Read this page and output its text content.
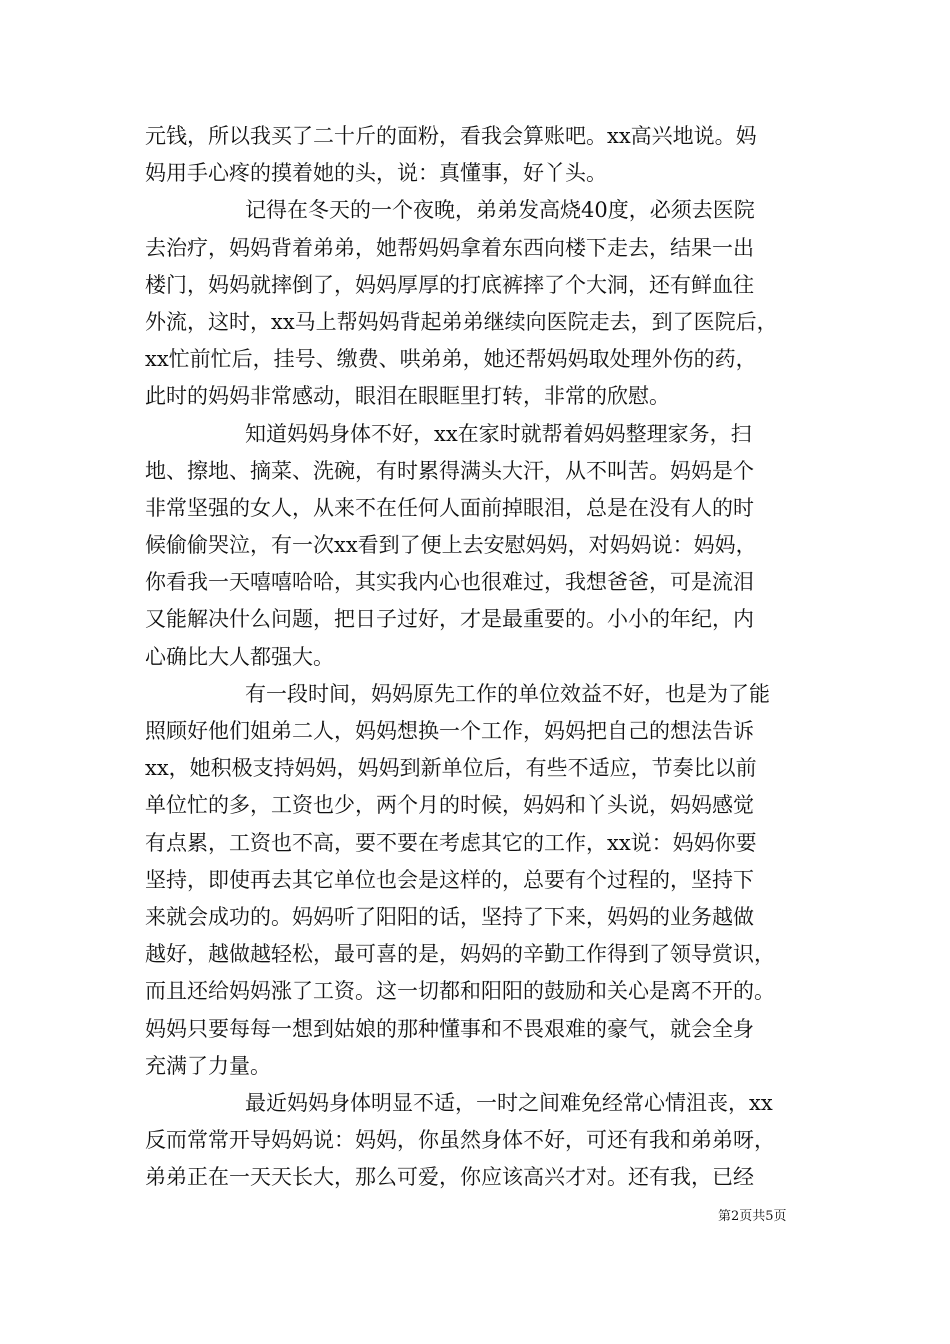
元钱，所以我买了二十斤的面粉，看我会算账吧。xx高兴地说。妈
妈用手心疼的摸着她的头，说：真懂事，好丫头。
记得在冬天的一个夜晚，弟弟发高烧40度，必须去医院
去治疗，妈妈背着弟弟，她帮妈妈拿着东西向楼下走去，结果一出
楼门，妈妈就摔倒了，妈妈厚厚的打底裤摔了个大洞，还有鲜血往
外流，这时，xx马上帮妈妈背起弟弟继续向医院走去，到了医院后，
xx忙前忙后，挂号、缴费、哄弟弟，她还帮妈妈取处理外伤的药，
此时的妈妈非常感动，眼泪在眼眶里打转，非常的欣慰。
知道妈妈身体不好，xx在家时就帮着妈妈整理家务，扫
地、擦地、摘菜、洗碗，有时累得满头大汗，从不叫苦。妈妈是个
非常坚强的女人，从来不在任何人面前掉眼泪，总是在没有人的时
候偷偷哭泣，有一次xx看到了便上去安慰妈妈，对妈妈说：妈妈，
你看我一天嘻嘻哈哈，其实我内心也很难过，我想爸爸，可是流泪
又能解决什么问题，把日子过好，才是最重要的。小小的年纪，内
心确比大人都强大。
有一段时间，妈妈原先工作的单位效益不好，也是为了能
照顾好他们姐弟二人，妈妈想换一个工作，妈妈把自己的想法告诉
xx，她积极支持妈妈，妈妈到新单位后，有些不适应，节奏比以前
单位忙的多，工资也少，两个月的时候，妈妈和丫头说，妈妈感觉
有点累，工资也不高，要不要在考虑其它的工作，xx说：妈妈你要
坚持，即使再去其它单位也会是这样的，总要有个过程的，坚持下
来就会成功的。妈妈听了阳阳的话，坚持了下来，妈妈的业务越做
越好，越做越轻松，最可喜的是，妈妈的辛勤工作得到了领导赏识，
而且还给妈妈涨了工资。这一切都和阳阳的鼓励和关心是离不开的。
妈妈只要每每一想到姑娘的那种懂事和不畏艰难的豪气，就会全身
充满了力量。
最近妈妈身体明显不适，一时之间难免经常心情沮丧，xx
反而常常开导妈妈说：妈妈，你虽然身体不好，可还有我和弟弟呀，
弟弟正在一天天长大，那么可爱，你应该高兴才对。还有我，已经
第2页共5页
